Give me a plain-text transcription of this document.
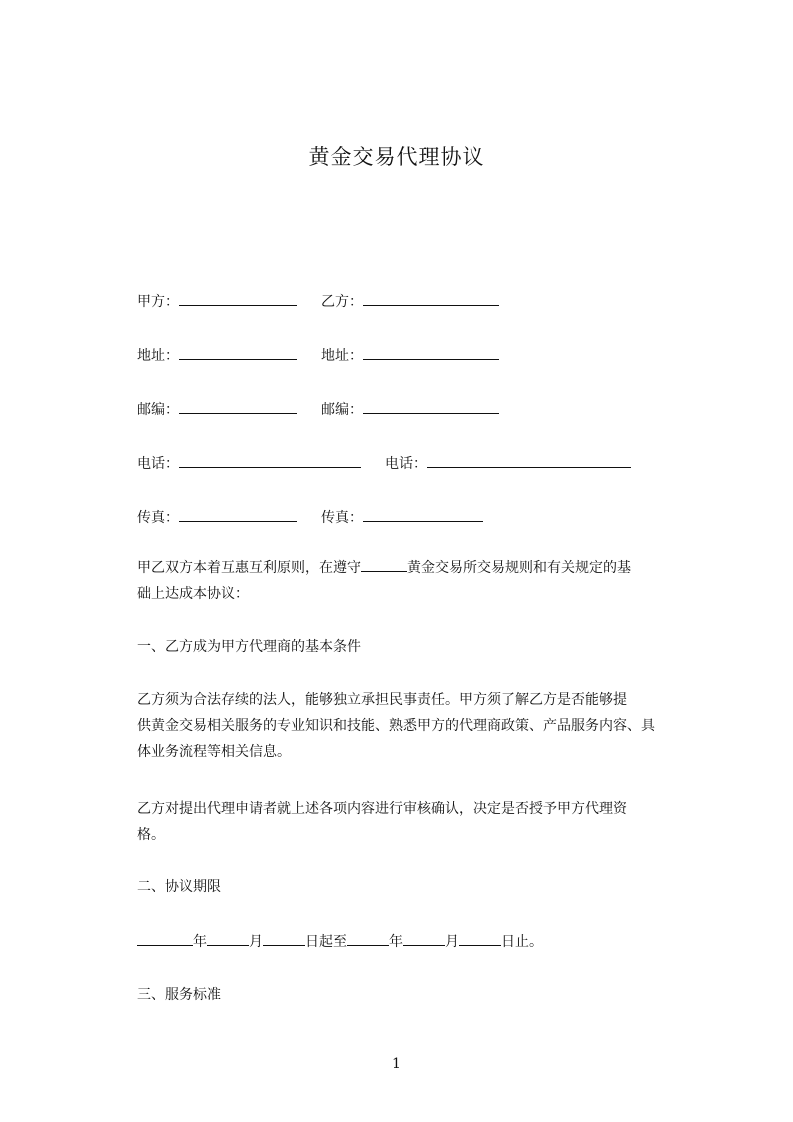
黄金交易代理协议
甲方：	乙方：
地址：	地址：
邮编：	邮编：
电话：	电话：
传真：	传真：
甲乙双方本着互惠互利原则，在遵守	黄金交易所交易规则和有关规定的基
础上达成本协议：
一、乙方成为甲方代理商的基本条件
乙方须为合法存续的法人，能够独立承担民事责任。甲方须了解乙方是否能够提
供黄金交易相关服务的专业知识和技能、熟悉甲方的代理商政策、产品服务内容、具
体业务流程等相关信息。
乙方对提出代理申请者就上述各项内容进行审核确认，决定是否授予甲方代理资
格。
二、协议期限
年	月	日起至	年	月	日止。
三、服务标准
1
